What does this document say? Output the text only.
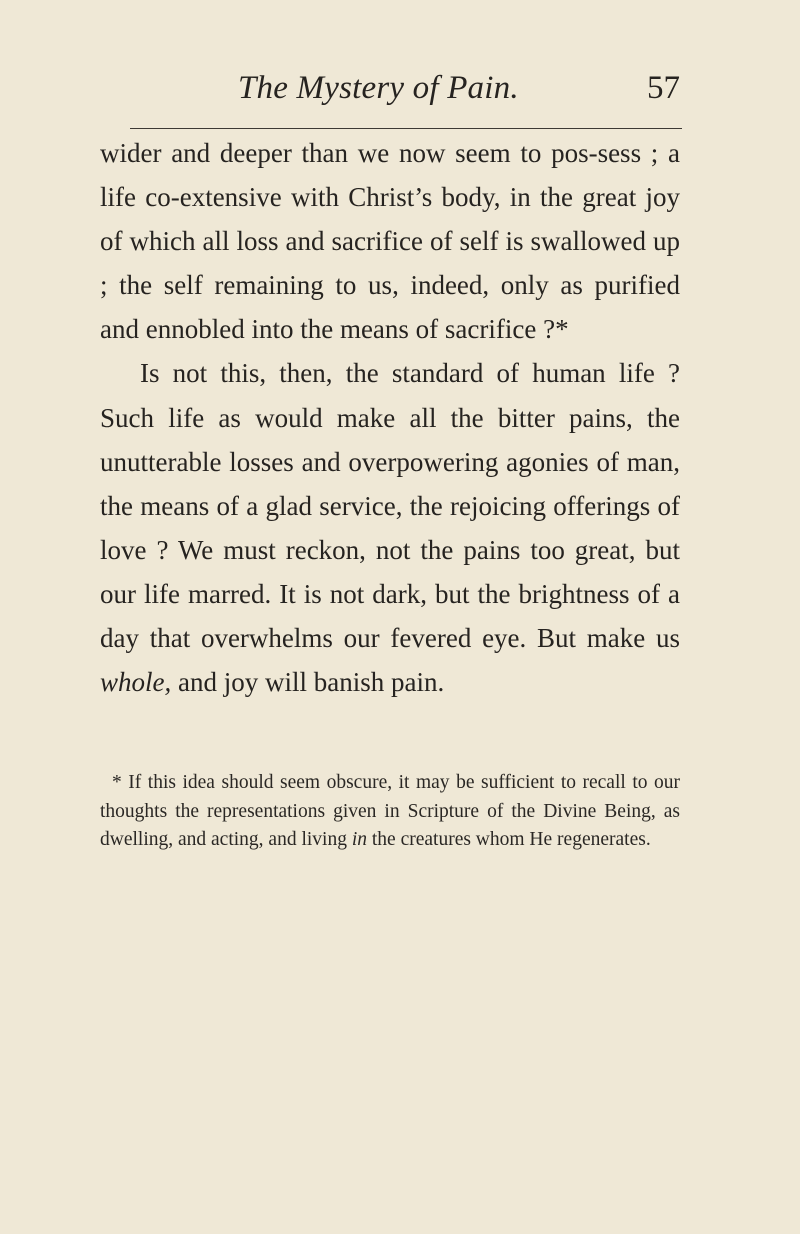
The Mystery of Pain.	57

wider and deeper than we now seem to pos-sess ; a life co-extensive with Christ’s body, in the great joy of which all loss and sacrifice of self is swallowed up ; the self remaining to us, indeed, only as purified and ennobled into the means of sacrifice ?*

Is not this, then, the standard of human life ? Such life as would make all the bitter pains, the unutterable losses and overpowering agonies of man, the means of a glad service, the rejoicing offerings of love ? We must reckon, not the pains too great, but our life marred. It is not dark, but the brightness of a day that overwhelms our fevered eye. But make us whole, and joy will banish pain.

* If this idea should seem obscure, it may be sufficient to recall to our thoughts the representations given in Scripture of the Divine Being, as dwelling, and acting, and living in the creatures whom He regenerates.
